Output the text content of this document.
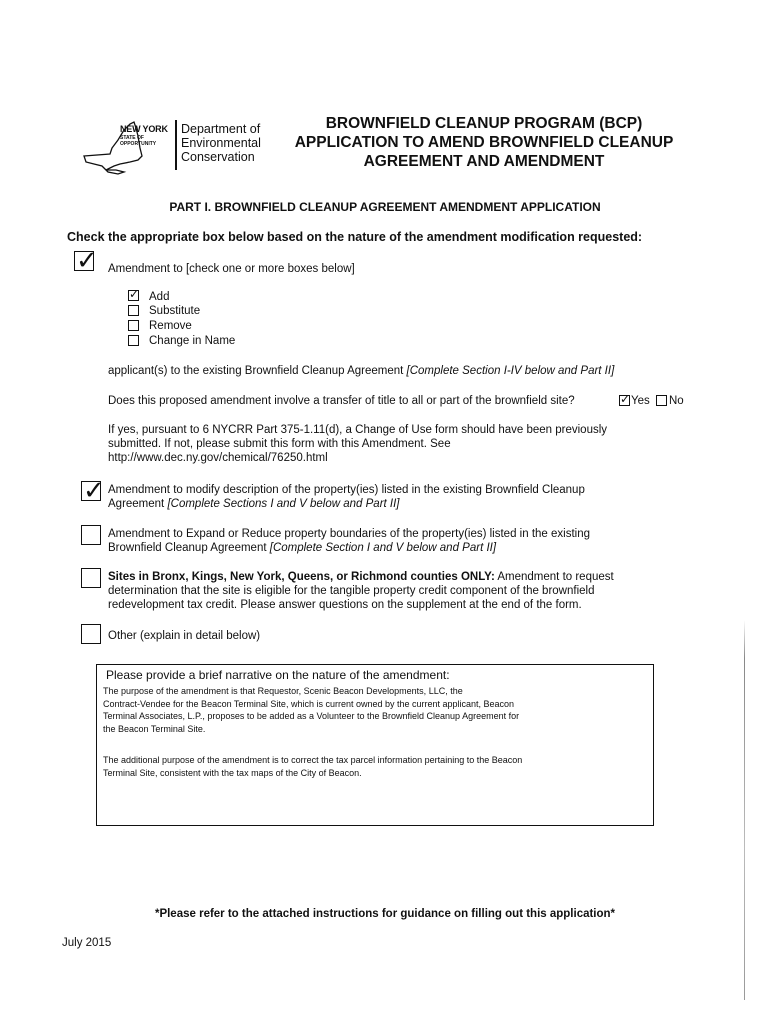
NEW YORK
STATE OF
OPPORTUNITY
Department of
Environmental
Conservation
BROWNFIELD CLEANUP PROGRAM (BCP)
APPLICATION TO AMEND BROWNFIELD CLEANUP
AGREEMENT AND AMENDMENT
PART I. BROWNFIELD CLEANUP AGREEMENT AMENDMENT APPLICATION
Check the appropriate box below based on the nature of the amendment modification requested:
✓
Amendment to [check one or more boxes below]
✓
Add
Substitute
Remove
Change in Name
applicant(s) to the existing Brownfield Cleanup Agreement [Complete Section I-IV below and Part II]
Does this proposed amendment involve a transfer of title to all or part of the brownfield site?
✓	Yes No
If yes, pursuant to 6 NYCRR Part 375-1.11(d), a Change of Use form should have been previously
submitted. If not, please submit this form with this Amendment. See
http://www.dec.ny.gov/chemical/76250.html
✓
Amendment to modify description of the property(ies) listed in the existing Brownfield Cleanup
Agreement [Complete Sections I and V below and Part II]
Amendment to Expand or Reduce property boundaries of the property(ies) listed in the existing
Brownfield Cleanup Agreement [Complete Section I and V below and Part II]
Sites in Bronx, Kings, New York, Queens, or Richmond counties ONLY: Amendment to request
determination that the site is eligible for the tangible property credit component of the brownfield
redevelopment tax credit. Please answer questions on the supplement at the end of the form.
Other (explain in detail below)
Please provide a brief narrative on the nature of the amendment:
The purpose of the amendment is that Requestor, Scenic Beacon Developments, LLC, the
Contract-Vendee for the Beacon Terminal Site, which is current owned by the current applicant, Beacon
Terminal Associates, L.P., proposes to be added as a Volunteer to the Brownfield Cleanup Agreement for
the Beacon Terminal Site.
The additional purpose of the amendment is to correct the tax parcel information pertaining to the Beacon
Terminal Site, consistent with the tax maps of the City of Beacon.
*Please refer to the attached instructions for guidance on filling out this application*
July 2015
